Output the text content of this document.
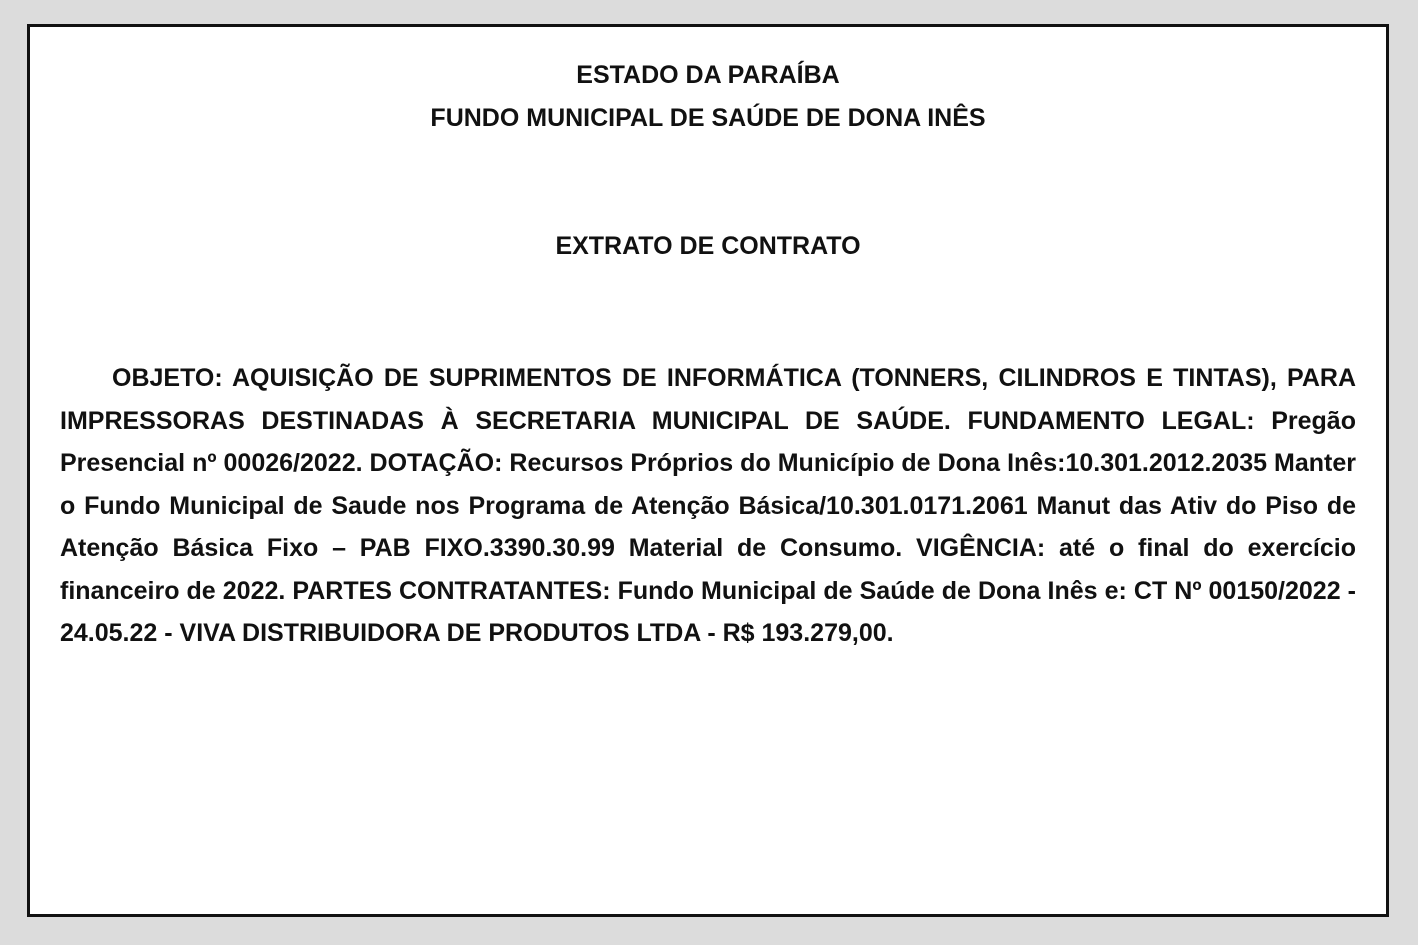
ESTADO DA PARAÍBA
FUNDO MUNICIPAL DE SAÚDE DE DONA INÊS
EXTRATO DE CONTRATO

OBJETO: AQUISIÇÃO DE SUPRIMENTOS DE INFORMÁTICA (TONNERS, CILINDROS E TINTAS), PARA IMPRESSORAS DESTINADAS À SECRETARIA MUNICIPAL DE SAÚDE. FUNDAMENTO LEGAL: Pregão Presencial nº 00026/2022. DOTAÇÃO: Recursos Próprios do Município de Dona Inês:10.301.2012.2035 Manter o Fundo Municipal de Saude nos Programa de Atenção Básica/10.301.0171.2061 Manut das Ativ do Piso de Atenção Básica Fixo – PAB FIXO.3390.30.99 Material de Consumo. VIGÊNCIA: até o final do exercício financeiro de 2022. PARTES CONTRATANTES: Fundo Municipal de Saúde de Dona Inês e: CT Nº 00150/2022 - 24.05.22 - VIVA DISTRIBUIDORA DE PRODUTOS LTDA - R$ 193.279,00.
